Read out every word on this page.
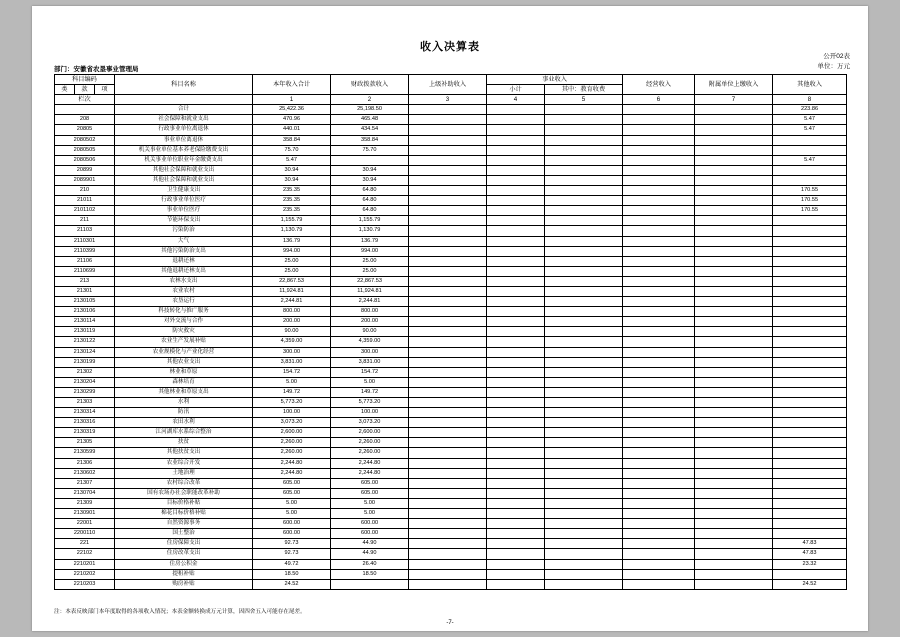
收入决算表
公开02表
单位：万元
部门：安徽省农垦事业管理局
科目编码			科目名称	本年收入合计	财政拨款收入	上级补助收入	事业收入		经营收入	附属单位上缴收入	其他收入
类	款	项					小计	其中：教育收费			
栏次				1	2	3	4	5	6	7	8
			合计	25,422.36	25,198.50						223.86
208			社会保障和就业支出	470.96	465.48						5.47
20805			行政事业单位离退休	440.01	434.54						5.47
2080502			事业单位离退休	358.84	358.84						
2080505			机关事业单位基本养老保险缴费支出	75.70	75.70						
2080506			机关事业单位职业年金缴费支出	5.47							5.47
20899			其他社会保障和就业支出	30.94	30.94						
2089901			其他社会保障和就业支出	30.94	30.94						
210			卫生健康支出	235.35	64.80						170.55
21011			行政事业单位医疗	235.35	64.80						170.55
2101102			事业单位医疗	235.35	64.80						170.55
211			节能环保支出	1,155.79	1,155.79						
21103			污染防治	1,130.79	1,130.79						
2110301			大气	136.79	136.79						
2110399			其他污染防治支出	994.00	994.00						
21106			退耕还林	25.00	25.00						
2110699			其他退耕还林支出	25.00	25.00						
213			农林水支出	22,867.53	22,867.53						
21301			农业农村	11,924.81	11,924.81						
2130105			农垦运行	2,244.81	2,244.81						
2130106			科技转化与推广服务	800.00	800.00						
2130114			对外交流与合作	200.00	200.00						
2130119			防灾救灾	90.00	90.00						
2130122			农业生产发展补贴	4,359.00	4,359.00						
2130124			农业规模化与产业化经营	300.00	300.00						
2130199			其他农业支出	3,831.00	3,831.00						
21302			林业和草原	154.72	154.72						
2130204			森林培育	5.00	5.00						
2130299			其他林业和草原支出	149.72	149.72						
21303			水利	5,773.20	5,773.20						
2130314			防汛	100.00	100.00						
2130316			农田水利	3,073.20	3,073.20						
2130319			江河湖库水系综合整治	2,600.00	2,600.00						
21305			扶贫	2,260.00	2,260.00						
2130599			其他扶贫支出	2,260.00	2,260.00						
21306			农业综合开发	2,244.80	2,244.80						
2130602			土地治理	2,244.80	2,244.80						
21307			农村综合改革	605.00	605.00						
2130704			国有农场办社会职能改革补助	605.00	605.00						
21309			目标价格补贴	5.00	5.00						
2130901			棉花目标价格补贴	5.00	5.00						
22001			自然资源事务	600.00	600.00						
2200110			国土整治	600.00	600.00						
221			住房保障支出	92.73	44.90						47.83
22102			住房改革支出	92.73	44.90						47.83
2210201			住房公积金	49.72	26.40						23.32
2210202			提租补贴	18.50	18.50						
2210203			购房补贴	24.52							24.52
注：本表反映部门本年度取得的各项收入情况；本表金额转换成万元计算，因四舍五入可能存在尾差。
-7-
